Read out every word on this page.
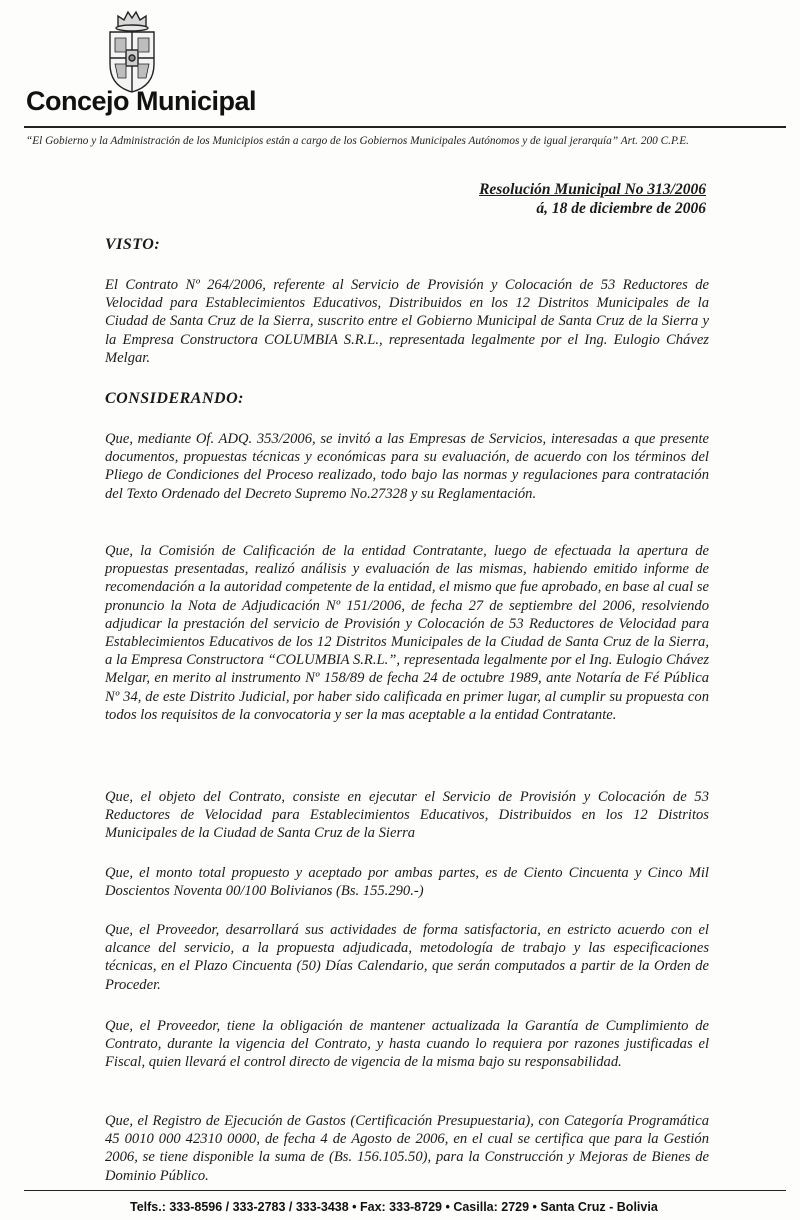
Concejo Municipal

“El Gobierno y la Administración de los Municipios están a cargo de los Gobiernos Municipales Autónomos y de igual jerarquía” Art. 200 C.P.E.

Resolución Municipal No 313/2006

á, 18 de diciembre de 2006

VISTO:

El Contrato Nº 264/2006, referente al Servicio de Provisión y Colocación de 53 Reductores de Velocidad para Establecimientos Educativos, Distribuidos en los 12 Distritos Municipales de la Ciudad de Santa Cruz de la Sierra, suscrito entre el Gobierno Municipal de Santa Cruz de la Sierra y la Empresa Constructora COLUMBIA S.R.L., representada legalmente por el Ing. Eulogio Chávez Melgar.

CONSIDERANDO:

Que, mediante Of. ADQ. 353/2006, se invitó a las Empresas de Servicios, interesadas a que presente documentos, propuestas técnicas y económicas para su evaluación, de acuerdo con los términos del Pliego de Condiciones del Proceso realizado, todo bajo las normas y regulaciones para contratación del Texto Ordenado del Decreto Supremo No.27328 y su Reglamentación.

Que, la Comisión de Calificación de la entidad Contratante, luego de efectuada la apertura de propuestas presentadas, realizó análisis y evaluación de las mismas, habiendo emitido informe de recomendación a la autoridad competente de la entidad, el mismo que fue aprobado, en base al cual se pronuncio la Nota de Adjudicación Nº 151/2006, de fecha 27 de septiembre del 2006, resolviendo adjudicar la prestación del servicio de Provisión y Colocación de 53 Reductores de Velocidad para Establecimientos Educativos de los 12 Distritos Municipales de la Ciudad de Santa Cruz de la Sierra, a la Empresa Constructora “COLUMBIA S.R.L.”, representada legalmente por el Ing. Eulogio Chávez Melgar, en merito al instrumento Nº 158/89 de fecha 24 de octubre 1989, ante Notaría de Fé Pública Nº 34, de este Distrito Judicial, por haber sido calificada en primer lugar, al cumplir su propuesta con todos los requisitos de la convocatoria y ser la mas aceptable a la entidad Contratante.

Que, el objeto del Contrato, consiste en ejecutar el Servicio de Provisión y Colocación de 53 Reductores de Velocidad para Establecimientos Educativos, Distribuidos en los 12 Distritos Municipales de la Ciudad de Santa Cruz de la Sierra

Que, el monto total propuesto y aceptado por ambas partes, es de Ciento Cincuenta y Cinco Mil Doscientos Noventa 00/100 Bolivianos (Bs. 155.290.-)

Que, el Proveedor, desarrollará sus actividades de forma satisfactoria, en estricto acuerdo con el alcance del servicio, a la propuesta adjudicada, metodología de trabajo y las especificaciones técnicas, en el Plazo Cincuenta (50) Días Calendario, que serán computados a partir de la Orden de Proceder.

Que, el Proveedor, tiene la obligación de mantener actualizada la Garantía de Cumplimiento de Contrato, durante la vigencia del Contrato, y hasta cuando lo requiera por razones justificadas el Fiscal, quien llevará el control directo de vigencia de la misma bajo su responsabilidad.

Que, el Registro de Ejecución de Gastos (Certificación Presupuestaria), con Categoría Programática 45 0010 000 42310 0000, de fecha 4 de Agosto de 2006, en el cual se certifica que para la Gestión 2006, se tiene disponible la suma de (Bs. 156.105.50), para la Construcción y Mejoras de Bienes de Dominio Público.

Telfs.: 333-8596 / 333-2783 / 333-3438 • Fax: 333-8729 • Casilla: 2729 • Santa Cruz - Bolivia
